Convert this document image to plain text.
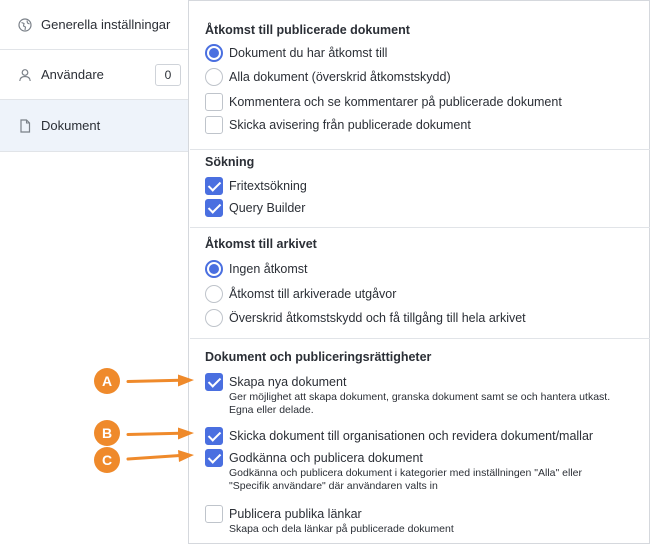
Generella inställningar
Användare	0
Dokument
Åtkomst till publicerade dokument
Dokument du har åtkomst till
Alla dokument (överskrid åtkomstskydd)
Kommentera och se kommentarer på publicerade dokument
Skicka avisering från publicerade dokument
Sökning
Fritextsökning
Query Builder
Åtkomst till arkivet
Ingen åtkomst
Åtkomst till arkiverade utgåvor
Överskrid åtkomstskydd och få tillgång till hela arkivet
Dokument och publiceringsrättigheter
Skapa nya dokument
Ger möjlighet att skapa dokument, granska dokument samt se och hantera utkast. Egna eller delade.
Skicka dokument till organisationen och revidera dokument/mallar
Godkänna och publicera dokument
Godkänna och publicera dokument i kategorier med inställningen "Alla" eller "Specifik användare" där användaren valts in
Publicera publika länkar
Skapa och dela länkar på publicerade dokument
A
B
C
